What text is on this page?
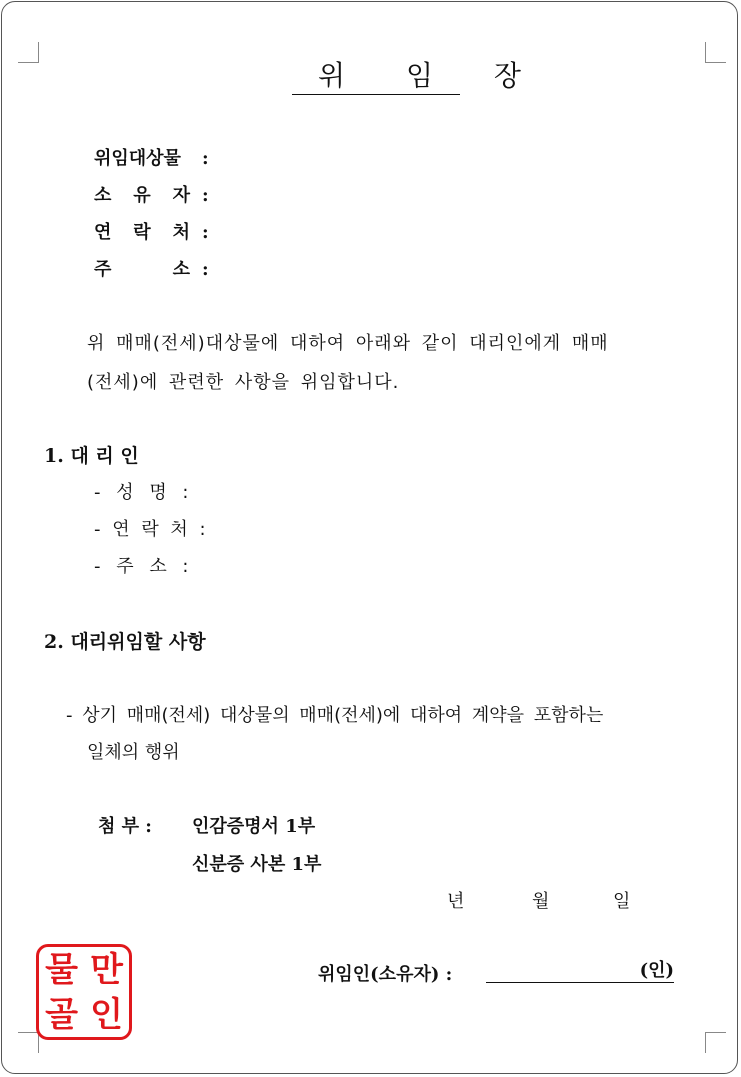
위 임 장
위임대상물 :
소 유 자 :
연 락 처 :
주 소 :
위 매매(전세)대상물에 대하여 아래와 같이 대리인에게 매매
(전세)에 관련한 사항을 위임합니다.
1. 대 리 인
- 성 명 :
- 연 락 처 :
- 주 소 :
2. 대리위임할 사항
- 상기 매매(전세) 대상물의 매매(전세)에 대하여 계약을 포함하는
일체의 행위
첨 부 : 인감증명서 1부
신분증 사본 1부
년	월	일
위임인(소유자) :	(인)
물 만
골 인
